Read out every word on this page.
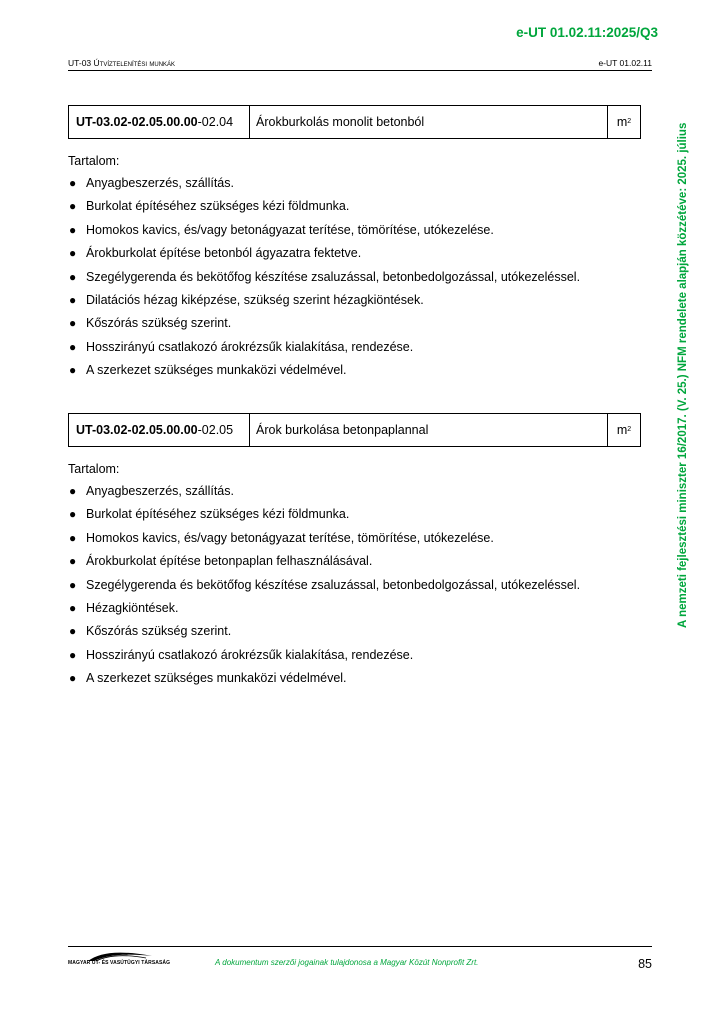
e-UT 01.02.11:2025/Q3
UT-03 Útvíztelenítési munkák	e-UT 01.02.11
A nemzeti fejlesztési miniszter 16/2017. (V. 25.) NFM rendelete alapján közzétéve: 2025. július
UT-03.02-02.05.00.00 -02.04	Árokburkolás monolit betonból	$m^2$
Tartalom:
● Anyagbeszerzés, szállítás.
● Burkolat építéséhez szükséges kézi földmunka.
● Homokos kavics, és/vagy betonágyazat terítése, tömörítése, utókezelése.
● Árokburkolat építése betonból ágyazatra fektetve.
● Szegélygerenda és bekötőfog készítése zsaluzással, betonbedolgozással, utókezeléssel.
● Dilatációs hézag kiképzése, szükség szerint hézagkiöntések.
● Kőszórás szükség szerint.
● Hosszirányú csatlakozó árokrézsűk kialakítása, rendezése.
● A szerkezet szükséges munkaközi védelmével.
UT-03.02-02.05.00.00 -02.05	Árok burkolása betonpaplannal	$m^2$
Tartalom:
● Anyagbeszerzés, szállítás.
● Burkolat építéséhez szükséges kézi földmunka.
● Homokos kavics, és/vagy betonágyazat terítése, tömörítése, utókezelése.
● Árokburkolat építése betonpaplan felhasználásával.
● Szegélygerenda és bekötőfog készítése zsaluzással, betonbedolgozással, utókezeléssel.
● Hézagkiöntések.
● Kőszórás szükség szerint.
● Hosszirányú csatlakozó árokrézsűk kialakítása, rendezése.
● A szerkezet szükséges munkaközi védelmével.
MAGYAR ÚT- ÉS VASÚTÜGYI TÁRSASÁG	A dokumentum szerzői jogainak tulajdonosa a Magyar Közút Nonprofit Zrt.	85
